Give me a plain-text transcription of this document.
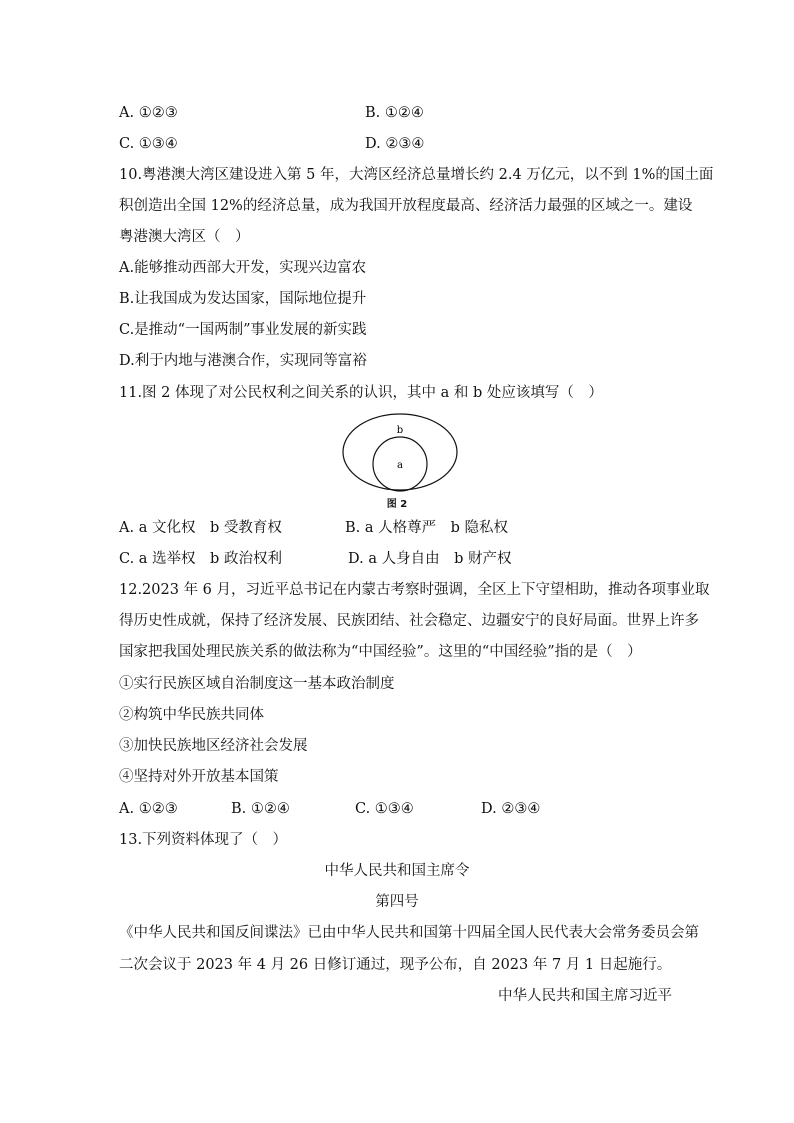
A. ①②③	B. ①②④
C. ①③④	D. ②③④
10.粤港澳大湾区建设进入第 5 年，大湾区经济总量增长约 2.4 万亿元，以不到 1%的国土面
积创造出全国 12%的经济总量，成为我国开放程度最高、经济活力最强的区域之一。建设
粤港澳大湾区（　）
A.能够推动西部大开发，实现兴边富农
B.让我国成为发达国家，国际地位提升
C.是推动“一国两制”事业发展的新实践
D.利于内地与港澳合作，实现同等富裕
11.图 2 体现了对公民权利之间关系的认识，其中 a 和 b 处应该填写（　）
b
a
图 2
A. a 文化权　b 受教育权	B. a 人格尊严　b 隐私权
C. a 选举权　b 政治权利	D. a 人身自由　b 财产权
12.2023 年 6 月，习近平总书记在内蒙古考察时强调，全区上下守望相助，推动各项事业取
得历史性成就，保持了经济发展、民族团结、社会稳定、边疆安宁的良好局面。世界上许多
国家把我国处理民族关系的做法称为“中国经验”。这里的“中国经验”指的是（　）
①实行民族区域自治制度这一基本政治制度
②构筑中华民族共同体
③加快民族地区经济社会发展
④坚持对外开放基本国策
A. ①②③	B. ①②④	C. ①③④	D. ②③④
13.下列资料体现了（　）
中华人民共和国主席令
第四号
《中华人民共和国反间谍法》已由中华人民共和国第十四届全国人民代表大会常务委员会第
二次会议于 2023 年 4 月 26 日修订通过，现予公布，自 2023 年 7 月 1 日起施行。
中华人民共和国主席习近平
